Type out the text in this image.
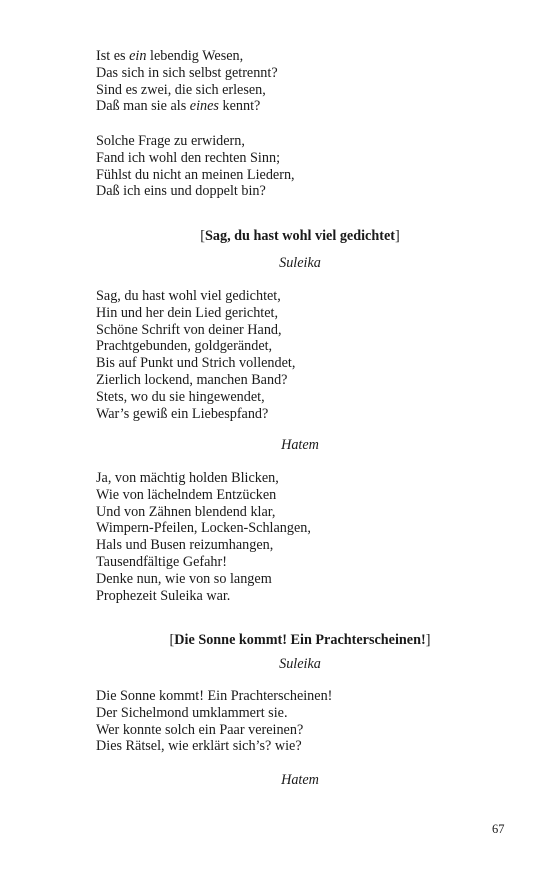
Ist es ein lebendig Wesen,
Das sich in sich selbst getrennt?
Sind es zwei, die sich erlesen,
Daß man sie als eines kennt?
Solche Frage zu erwidern,
Fand ich wohl den rechten Sinn;
Fühlst du nicht an meinen Liedern,
Daß ich eins und doppelt bin?
[Sag, du hast wohl viel gedichtet]
Suleika
Sag, du hast wohl viel gedichtet,
Hin und her dein Lied gerichtet,
Schöne Schrift von deiner Hand,
Prachtgebunden, goldgerändet,
Bis auf Punkt und Strich vollendet,
Zierlich lockend, manchen Band?
Stets, wo du sie hingewendet,
War’s gewiß ein Liebespfand?
Hatem
Ja, von mächtig holden Blicken,
Wie von lächelndem Entzücken
Und von Zähnen blendend klar,
Wimpern-Pfeilen, Locken-Schlangen,
Hals und Busen reizumhangen,
Tausendfältige Gefahr!
Denke nun, wie von so langem
Prophezeit Suleika war.
[Die Sonne kommt! Ein Prachterscheinen!]
Suleika
Die Sonne kommt! Ein Prachterscheinen!
Der Sichelmond umklammert sie.
Wer konnte solch ein Paar vereinen?
Dies Rätsel, wie erklärt sich’s? wie?
Hatem
67
